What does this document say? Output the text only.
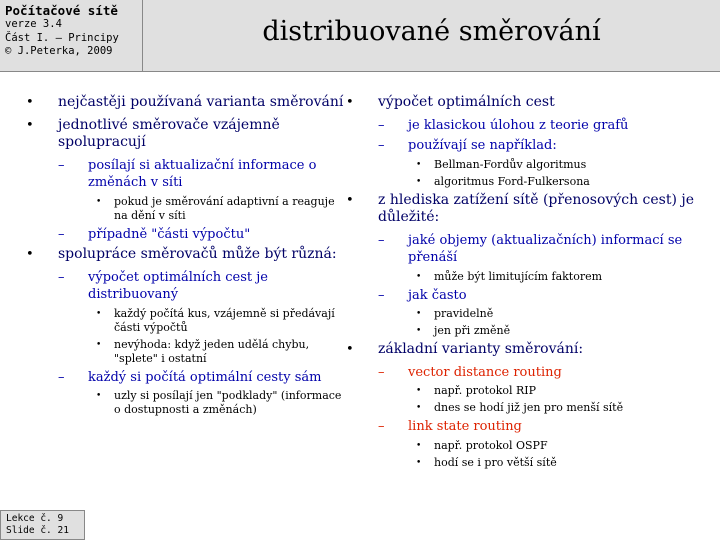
Počítačové sítě
verze 3.4
Část I. – Principy
© J.Peterka, 2009
distribuované směrování
•	nejčastěji používaná varianta směrování
•	jednotlivé směrovače vzájemně spolupracují
– posílají si aktualizační informace o změnách v síti
• pokud je směrování adaptivní a reaguje na dění v síti
– případně "části výpočtu"
•	spolupráce směrovačů může být různá:
– výpočet optimálních cest je distribuovaný
• každý počítá kus, vzájemně si předávají části výpočtů
• nevýhoda: když jeden udělá chybu, "splete" i ostatní
– každý si počítá optimální cesty sám
• uzly si posílají jen "podklady" (informace o dostupnosti a změnách)
•	výpočet optimálních cest
– je klasickou úlohou z teorie grafů
– používají se například:
• Bellman-Fordův algoritmus
• algoritmus Ford-Fulkersona
•	z hlediska zatížení sítě (přenosových cest) je důležité:
– jaké objemy (aktualizačních) informací se přenáší
• může být limitujícím faktorem
– jak často
• pravidelně
• jen při změně
•	základní varianty směrování:
– vector distance routing
• např. protokol RIP
• dnes se hodí již jen pro menší sítě
– link state routing
• např. protokol OSPF
• hodí se i pro větší sítě
Lekce č. 9
Slide č. 21
